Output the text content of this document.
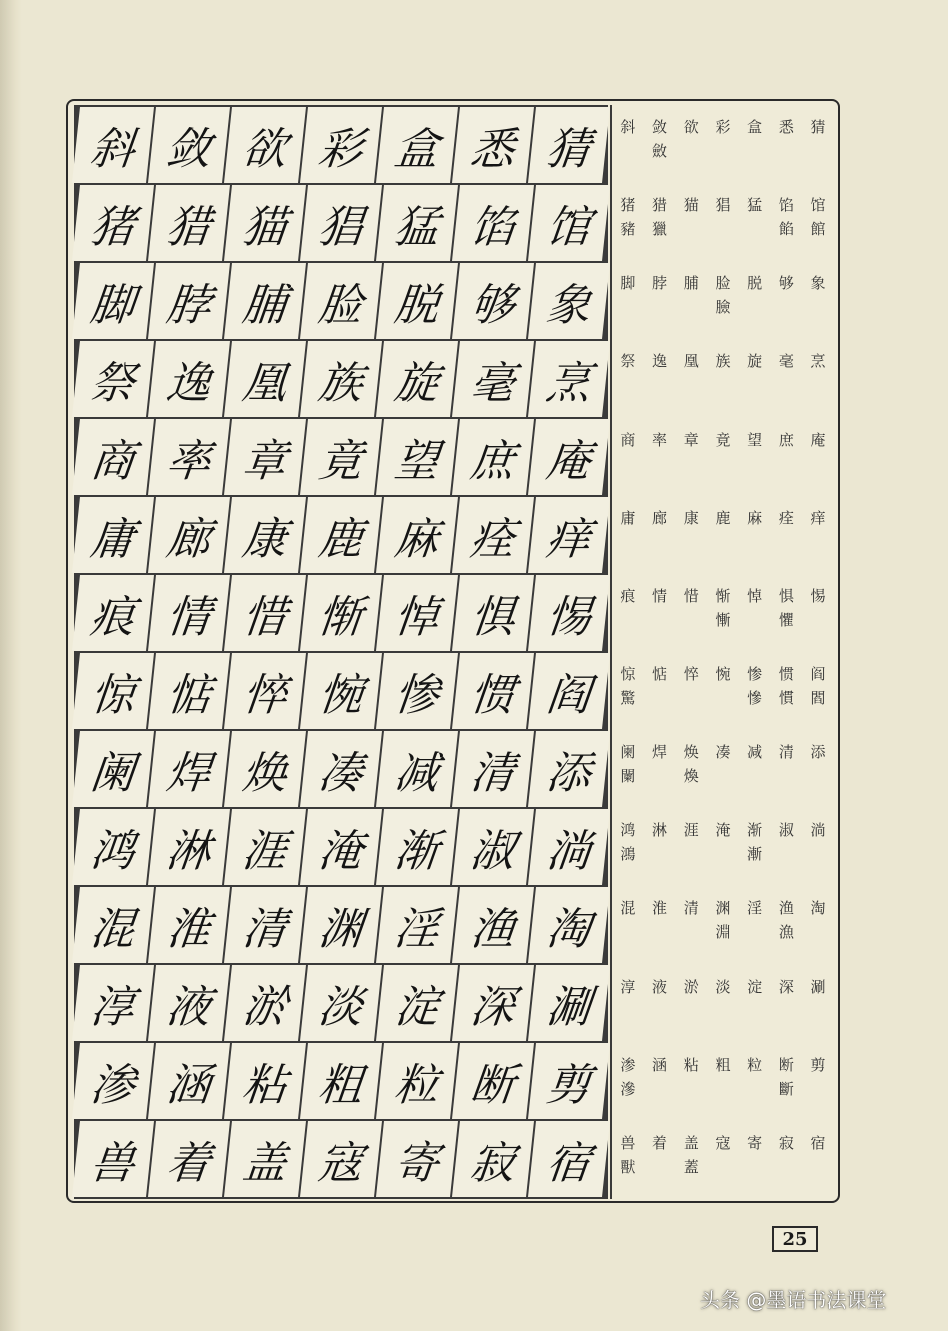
斜 敛 欲 彩 盒 悉 猜
猪 猎 猫 猖 猛 馅 馆
脚 脖 脯 脸 脱 够 象
祭 逸 凰 族 旋 毫 烹
商 率 章 竟 望 庶 庵
庸 廊 康 鹿 麻 痊 痒
痕 情 惜 惭 悼 惧 惕
惊 惦 悴 惋 惨 惯 阎
阑 焊 焕 凑 减 清 添
鸿 淋 涯 淹 渐 淑 淌
混 淮 清 渊 淫 渔 淘
淳 液 淤 淡 淀 深 涮
渗 涵 粘 粗 粒 断 剪
兽 着 盖 寇 寄 寂 宿
猜
悉
盒
彩
欲
敛
斂
斜
馆
館
馅
餡
猛
猖
猫
猎
獵
猪
豬
象
够
脱
脸
臉
脯
脖
脚
烹
毫
旋
族
凰
逸
祭
庵
庶
望
竟
章
率
商
痒
痊
麻
鹿
康
廊
庸
惕
惧
懼
悼
惭
慚
惜
情
痕
阎
閻
惯
慣
惨
慘
惋
悴
惦
惊
驚
添
清
减
凑
焕
煥
焊
阑
闌
淌
淑
渐
漸
淹
涯
淋
鸿
鴻
淘
渔
漁
淫
渊
淵
清
淮
混
涮
深
淀
淡
淤
液
淳
剪
断
斷
粒
粗
粘
涵
渗
滲
宿
寂
寄
寇
盖
蓋
着
兽
獸
25
头条 @墨语书法课堂
